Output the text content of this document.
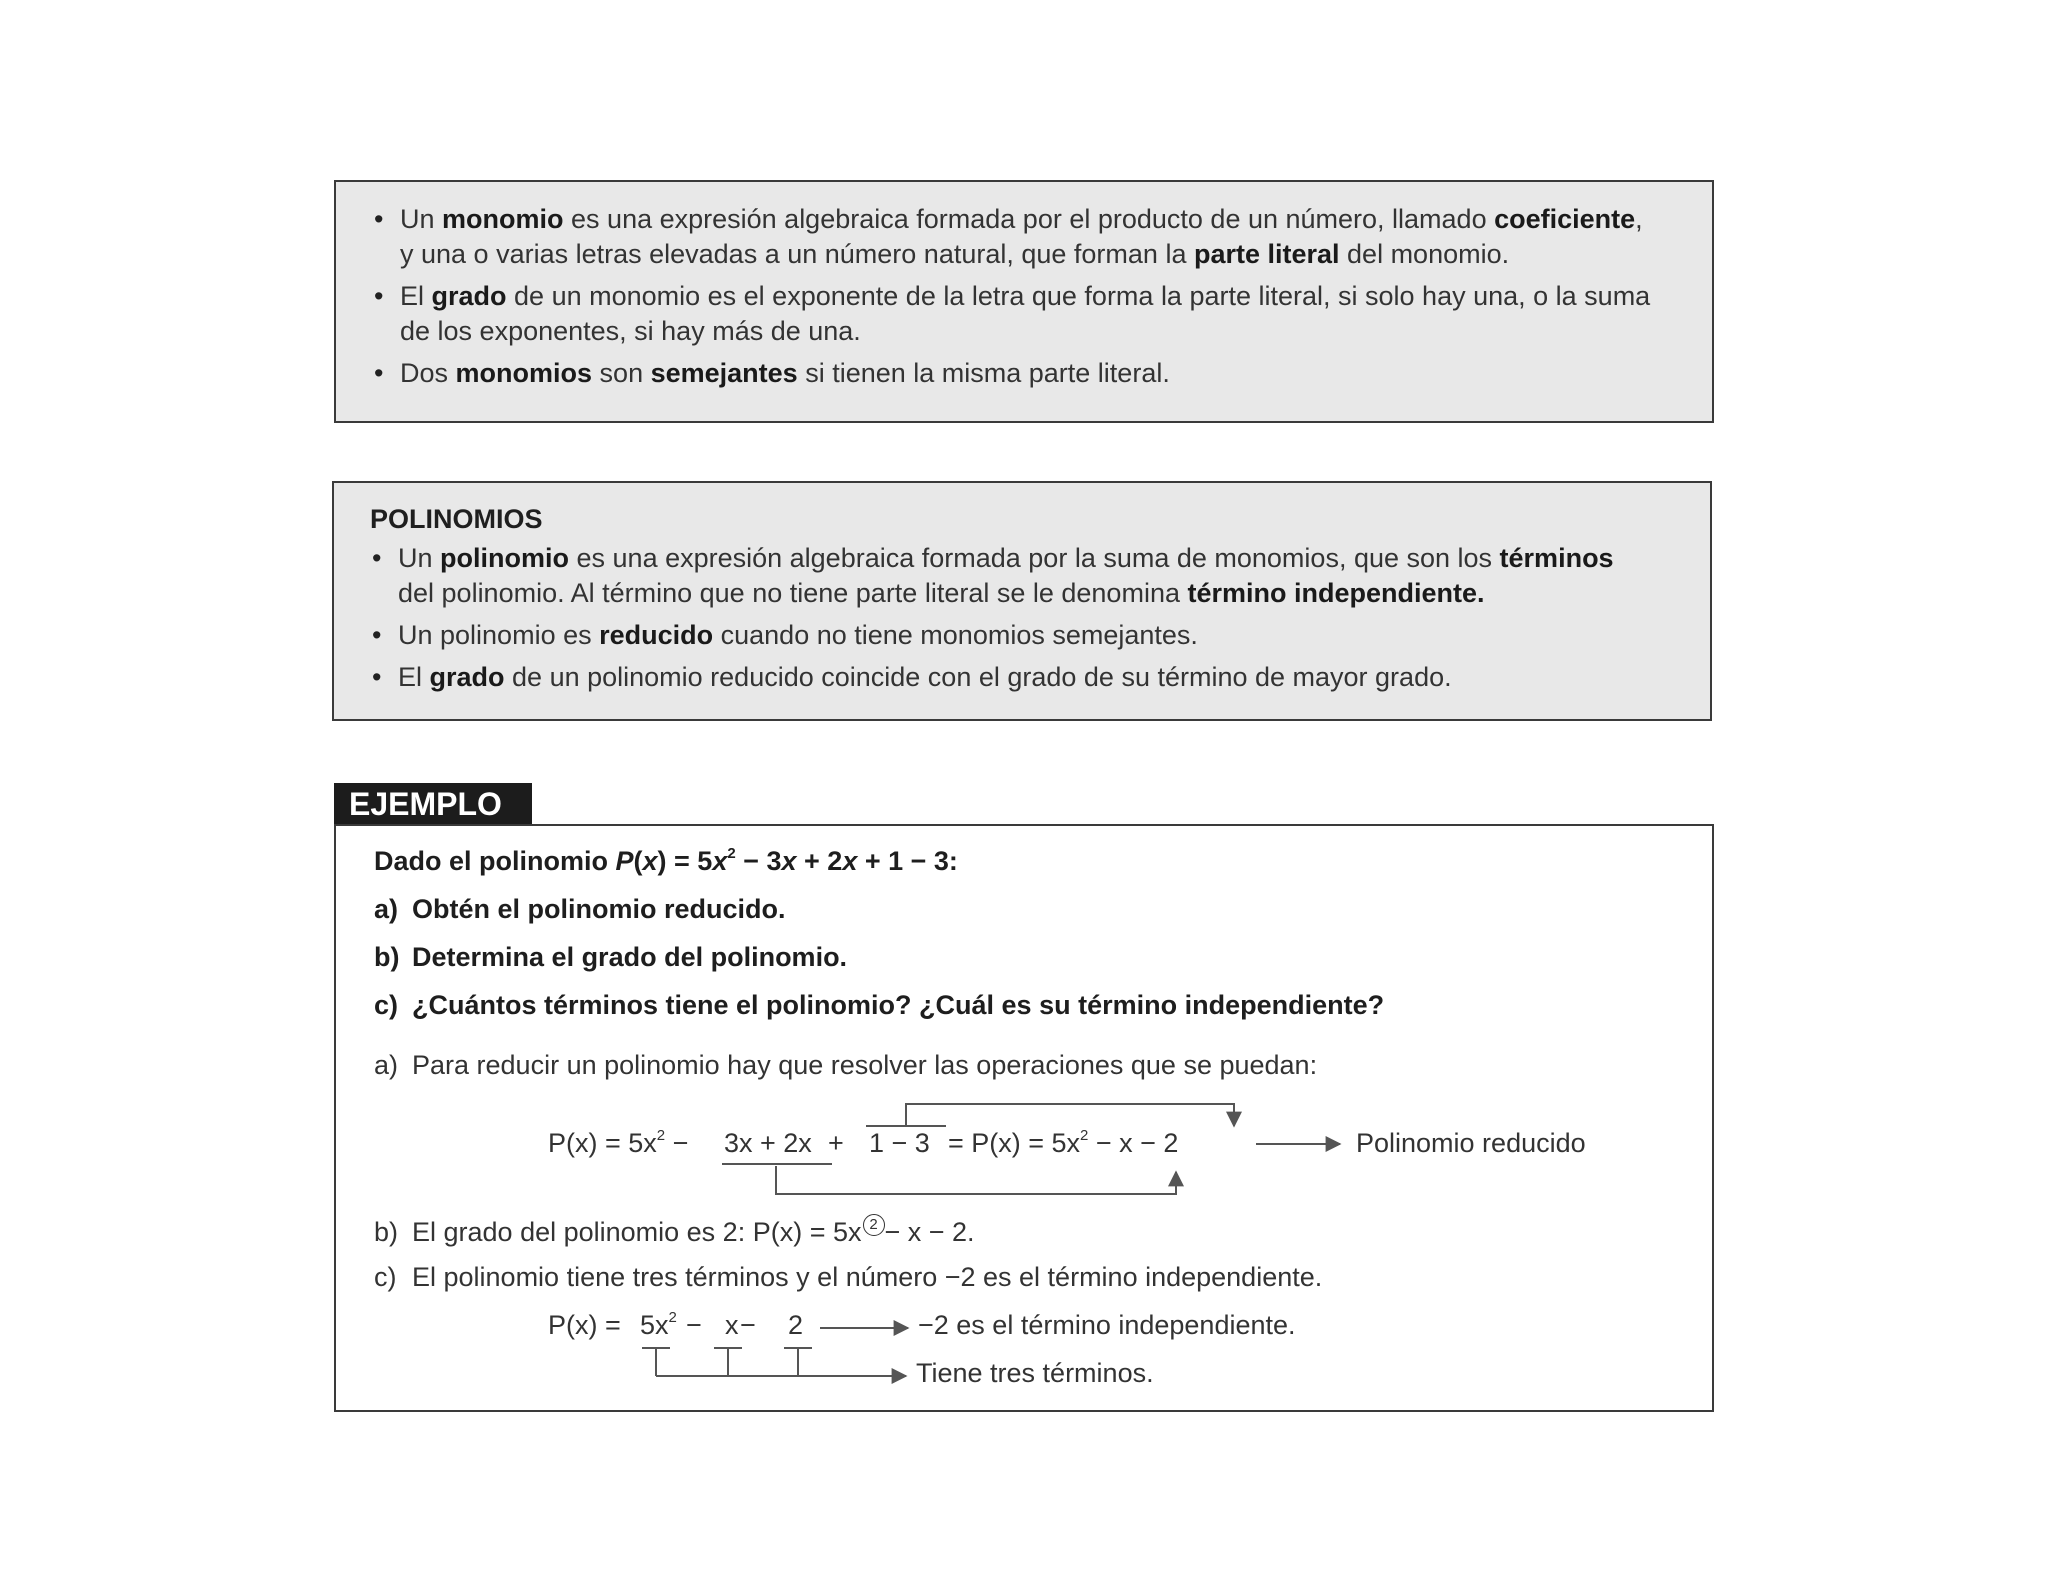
• Un monomio es una expresión algebraica formada por el producto de un número, llamado coeficiente,
y una o varias letras elevadas a un número natural, que forman la parte literal del monomio.
• El grado de un monomio es el exponente de la letra que forma la parte literal, si solo hay una, o la suma
de los exponentes, si hay más de una.
• Dos monomios son semejantes si tienen la misma parte literal.
POLINOMIOS
• Un polinomio es una expresión algebraica formada por la suma de monomios, que son los términos
del polinomio. Al término que no tiene parte literal se le denomina término independiente.
• Un polinomio es reducido cuando no tiene monomios semejantes.
• El grado de un polinomio reducido coincide con el grado de su término de mayor grado.
EJEMPLO
Dado el polinomio $P(x) = 5x^2 - 3x + 2x + 1 - 3$:
a) Obtén el polinomio reducido.
b) Determina el grado del polinomio.
c) ¿Cuántos términos tiene el polinomio? ¿Cuál es su término independiente?
a) Para reducir un polinomio hay que resolver las operaciones que se puedan:
$P(x) = 5x^2 - 3x + 2x + 1 - 3 = P(x) = 5x^2 - x - 2$	Polinomio reducido
b) El grado del polinomio es 2: P(x) = 5x 2 − x − 2.
c) El polinomio tiene tres términos y el número −2 es el término independiente.
$P(x) = 5x^2 - x - 2$	−2 es el término independiente.
Tiene tres términos.
